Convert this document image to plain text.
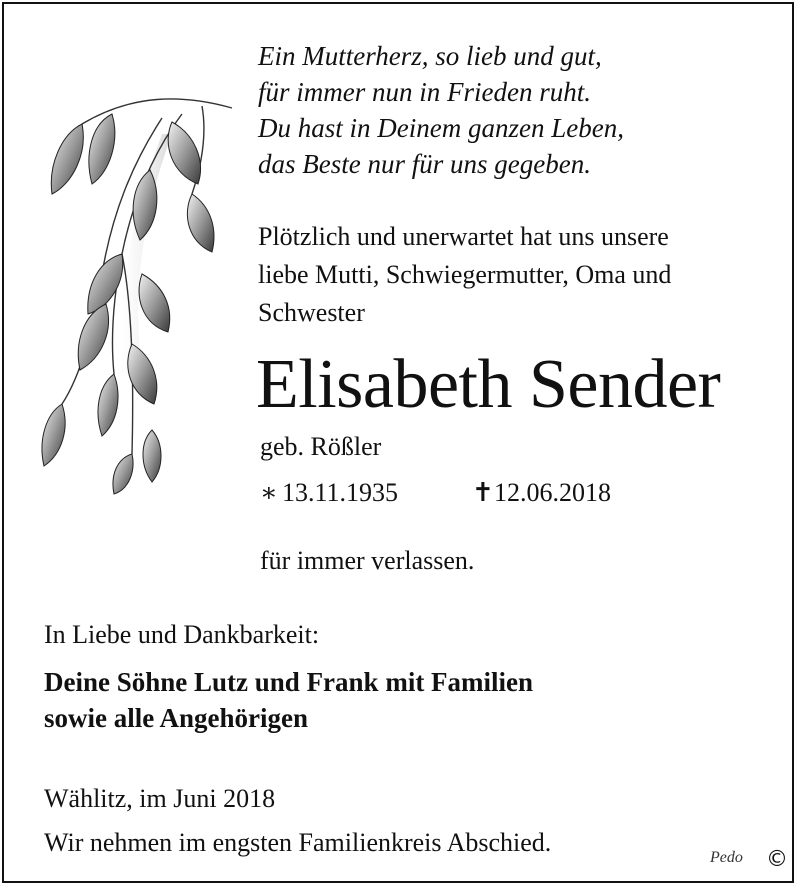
Ein Mutterherz, so lieb und gut,
für immer nun in Frieden ruht.
Du hast in Deinem ganzen Leben,
das Beste nur für uns gegeben.
Plötzlich und unerwartet hat uns unsere
liebe Mutti, Schwiegermutter, Oma und
Schwester
Elisabeth Sender
geb. Rößler
∗ 13.11.1935	✝12.06.2018
für immer verlassen.
In Liebe und Dankbarkeit:
Deine Söhne Lutz und Frank mit Familien
sowie alle Angehörigen
Wählitz, im Juni 2018
Wir nehmen im engsten Familienkreis Abschied.
Pedo ©
